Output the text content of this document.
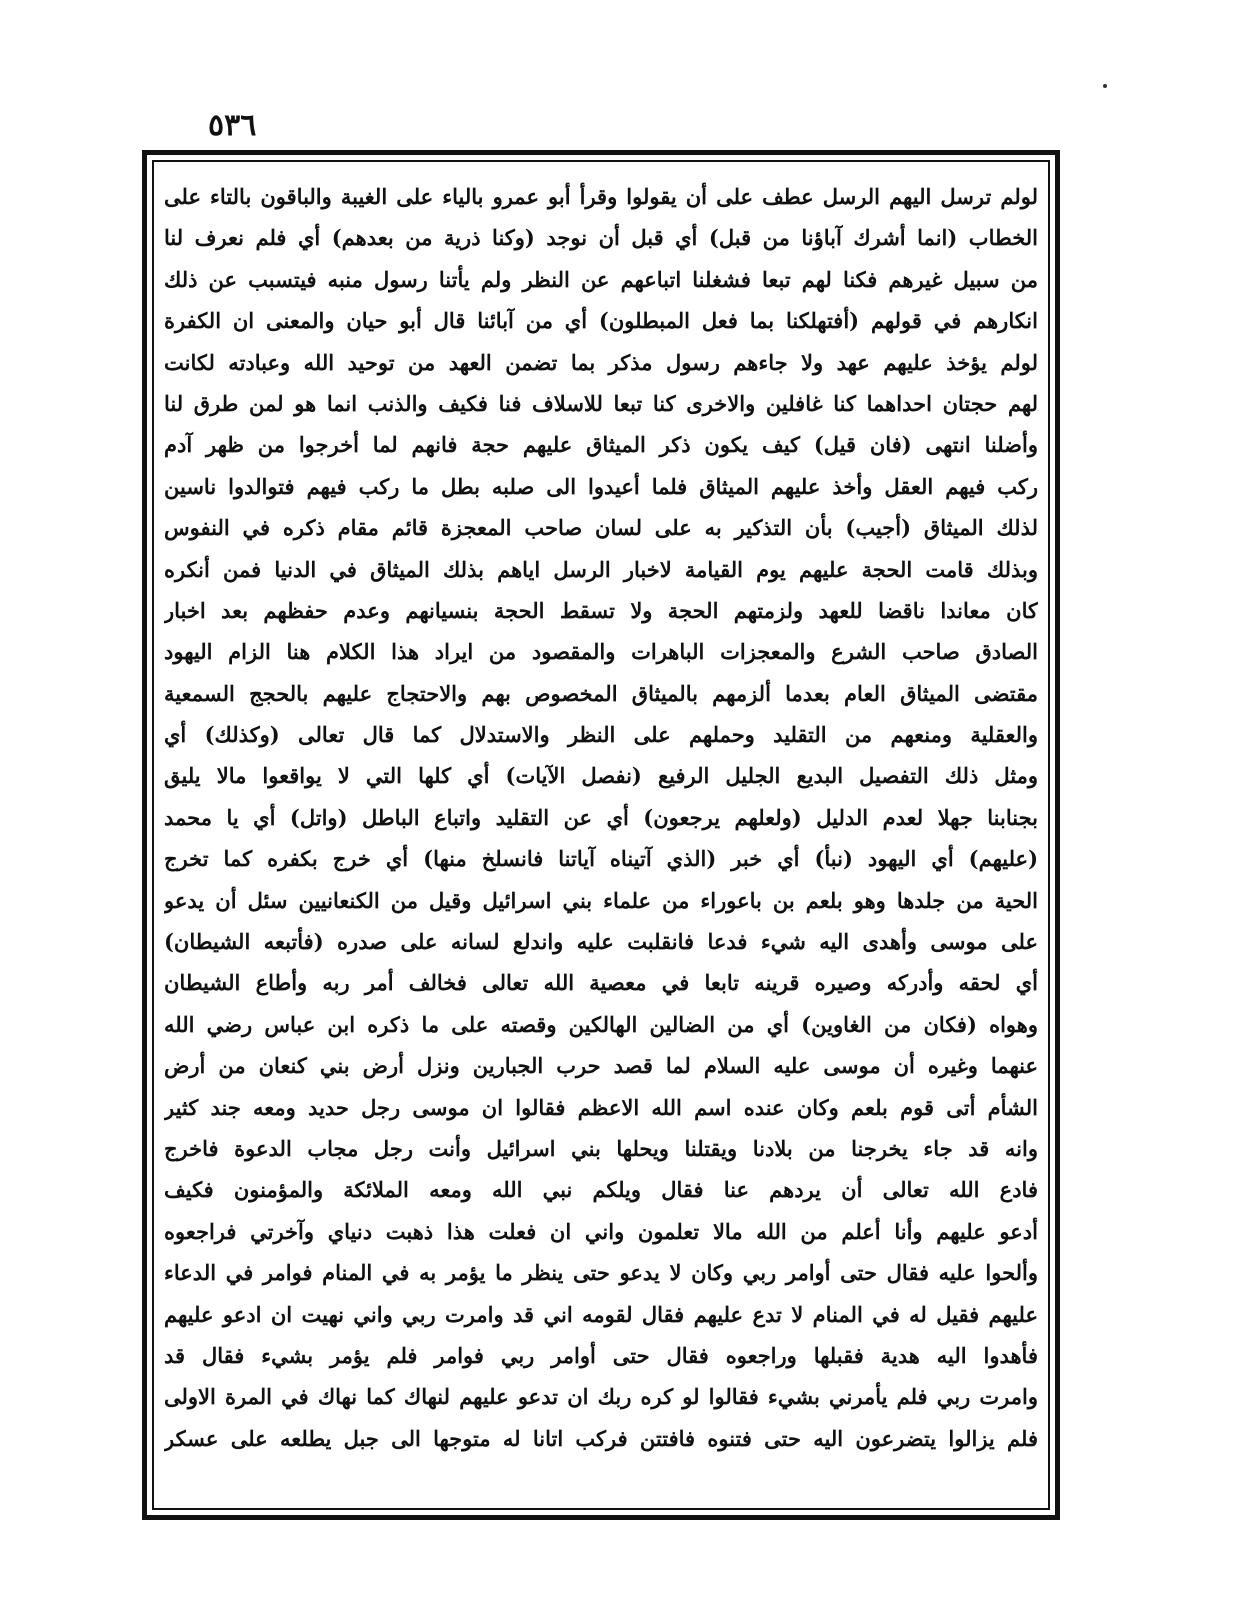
٥٣٦
لولم ترسل اليهم الرسل عطف على أن يقولوا وقرأ أبو عمرو بالياء على الغيبة والباقون بالتاء على
الخطاب (انما أشرك آباؤنا من قبل) أي قبل أن نوجد (وكنا ذرية من بعدهم) أي فلم نعرف لنا
من سبيل غيرهم فكنا لهم تبعا فشغلنا اتباعهم عن النظر ولم يأتنا رسول منبه فيتسبب عن ذلك
انكارهم في قولهم (أفتهلكنا بما فعل المبطلون) أي من آبائنا قال أبو حيان والمعنى ان الكفرة
لولم يؤخذ عليهم عهد ولا جاءهم رسول مذكر بما تضمن العهد من توحيد الله وعبادته لكانت
لهم حجتان احداهما كنا غافلين والاخرى كنا تبعا للاسلاف فنا فكيف والذنب انما هو لمن طرق لنا
وأضلنا انتهى (فان قيل) كيف يكون ذكر الميثاق عليهم حجة فانهم لما أخرجوا من ظهر آدم
ركب فيهم العقل وأخذ عليهم الميثاق فلما أعيدوا الى صلبه بطل ما ركب فيهم فتوالدوا ناسين
لذلك الميثاق (أجيب) بأن التذكير به على لسان صاحب المعجزة قائم مقام ذكره في النفوس
وبذلك قامت الحجة عليهم يوم القيامة لاخبار الرسل اياهم بذلك الميثاق في الدنيا فمن أنكره
كان معاندا ناقضا للعهد ولزمتهم الحجة ولا تسقط الحجة بنسيانهم وعدم حفظهم بعد اخبار
الصادق صاحب الشرع والمعجزات الباهرات والمقصود من ايراد هذا الكلام هنا الزام اليهود
مقتضى الميثاق العام بعدما ألزمهم بالميثاق المخصوص بهم والاحتجاج عليهم بالحجج السمعية
والعقلية ومنعهم من التقليد وحملهم على النظر والاستدلال كما قال تعالى (وكذلك) أي
ومثل ذلك التفصيل البديع الجليل الرفيع (نفصل الآيات) أي كلها التي لا يواقعوا مالا يليق
بجنابنا جهلا لعدم الدليل (ولعلهم يرجعون) أي عن التقليد واتباع الباطل (واتل) أي يا محمد
(عليهم) أي اليهود (نبأ) أي خبر (الذي آتيناه آياتنا فانسلخ منها) أي خرج بكفره كما تخرج
الحية من جلدها وهو بلعم بن باعوراء من علماء بني اسرائيل وقيل من الكنعانيين سئل أن يدعو
على موسى وأهدى اليه شيء فدعا فانقلبت عليه واندلع لسانه على صدره (فأتبعه الشيطان)
أي لحقه وأدركه وصيره قرينه تابعا في معصية الله تعالى فخالف أمر ربه وأطاع الشيطان
وهواه (فكان من الغاوين) أي من الضالين الهالكين وقصته على ما ذكره ابن عباس رضي الله
عنهما وغيره أن موسى عليه السلام لما قصد حرب الجبارين ونزل أرض بني كنعان من أرض
الشأم أتى قوم بلعم وكان عنده اسم الله الاعظم فقالوا ان موسى رجل حديد ومعه جند كثير
وانه قد جاء يخرجنا من بلادنا ويقتلنا ويحلها بني اسرائيل وأنت رجل مجاب الدعوة فاخرج
فادع الله تعالى أن يردهم عنا فقال ويلكم نبي الله ومعه الملائكة والمؤمنون فكيف
أدعو عليهم وأنا أعلم من الله مالا تعلمون واني ان فعلت هذا ذهبت دنياي وآخرتي فراجعوه
وألحوا عليه فقال حتى أوامر ربي وكان لا يدعو حتى ينظر ما يؤمر به في المنام فوامر في الدعاء
عليهم فقيل له في المنام لا تدع عليهم فقال لقومه اني قد وامرت ربي واني نهيت ان ادعو عليهم
فأهدوا اليه هدية فقبلها وراجعوه فقال حتى أوامر ربي فوامر فلم يؤمر بشيء فقال قد
وامرت ربي فلم يأمرني بشيء فقالوا لو كره ربك ان تدعو عليهم لنهاك كما نهاك في المرة الاولى
فلم يزالوا يتضرعون اليه حتى فتنوه فافتتن فركب اتانا له متوجها الى جبل يطلعه على عسكر
